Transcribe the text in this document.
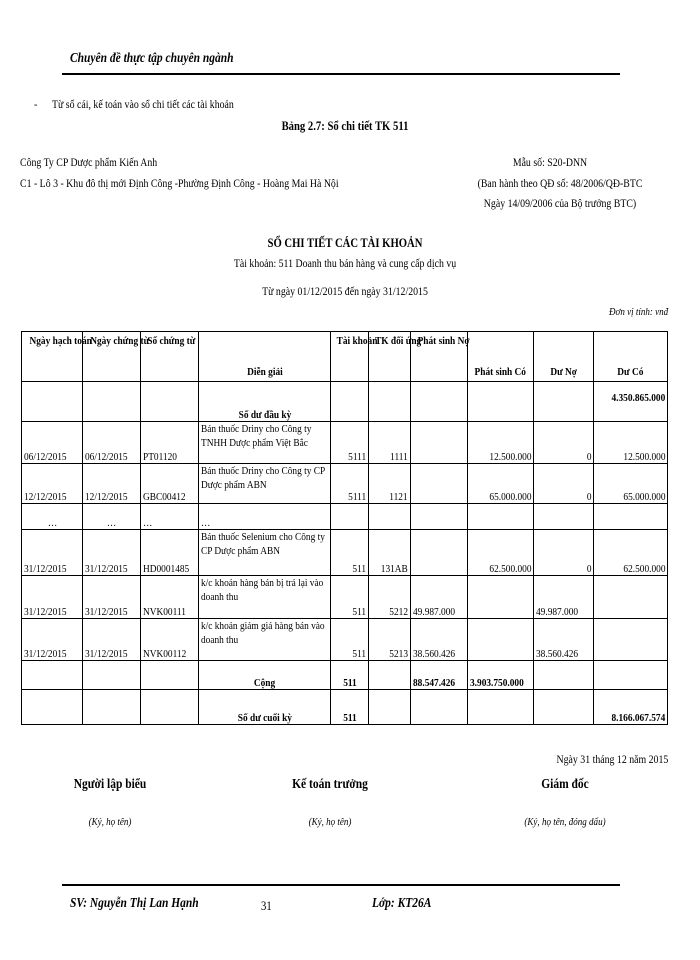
Chuyên đề thực tập chuyên ngành
- Từ sổ cái, kế toán vào sổ chi tiết các tài khoản
Bảng 2.7: Sổ chi tiết TK 511
Công Ty CP Dược phẩm Kiến Anh
C1 - Lô 3 - Khu đô thị mới Định Công -Phường Định Công - Hoàng Mai Hà Nội
Mẫu số: S20-DNN
(Ban hành theo QĐ số: 48/2006/QĐ-BTC
Ngày 14/09/2006 của Bộ trưởng BTC)
SỔ CHI TIẾT CÁC TÀI KHOẢN
Tài khoản: 511 Doanh thu bán hàng và cung cấp dịch vụ
Từ ngày 01/12/2015 đến ngày 31/12/2015
Đơn vị tính: vnđ
Ngày hạch toán	Ngày chứng từ	Số chứng từ	Diễn giải	Tài khoản	TK đối ứng	Phát sinh Nợ	Phát sinh Có	Dư Nợ	Dư Có
			Số dư đầu kỳ						4.350.865.000
06/12/2015	06/12/2015	PT01120	Bán thuốc Driny cho Công ty TNHH Dược phẩm Việt Bắc	5111	1111		12.500.000	0	12.500.000
12/12/2015	12/12/2015	GBC00412	Bán thuốc Driny cho Công ty CP Dược phẩm ABN	5111	1121		65.000.000	0	65.000.000
…	…	…	…						
31/12/2015	31/12/2015	HD0001485	Bán thuốc Selenium cho Công ty CP Dược phẩm ABN	511	131AB		62.500.000	0	62.500.000
31/12/2015	31/12/2015	NVK00111	k/c khoản hàng bán bị trả lại vào doanh thu	511	5212	49.987.000		49.987.000	
31/12/2015	31/12/2015	NVK00112	k/c khoản giảm giá hàng bán vào doanh thu	511	5213	38.560.426		38.560.426	
			Cộng	511		88.547.426	3.903.750.000		
			Số dư cuối kỳ	511					8.166.067.574
Ngày 31 tháng 12 năm 2015
Người lập biểu
(Ký, họ tên)
Kế toán trưởng
(Ký, họ tên)
Giám đốc
(Ký, họ tên, đóng dấu)
SV: Nguyễn Thị Lan Hạnh	31	Lớp: KT26A
